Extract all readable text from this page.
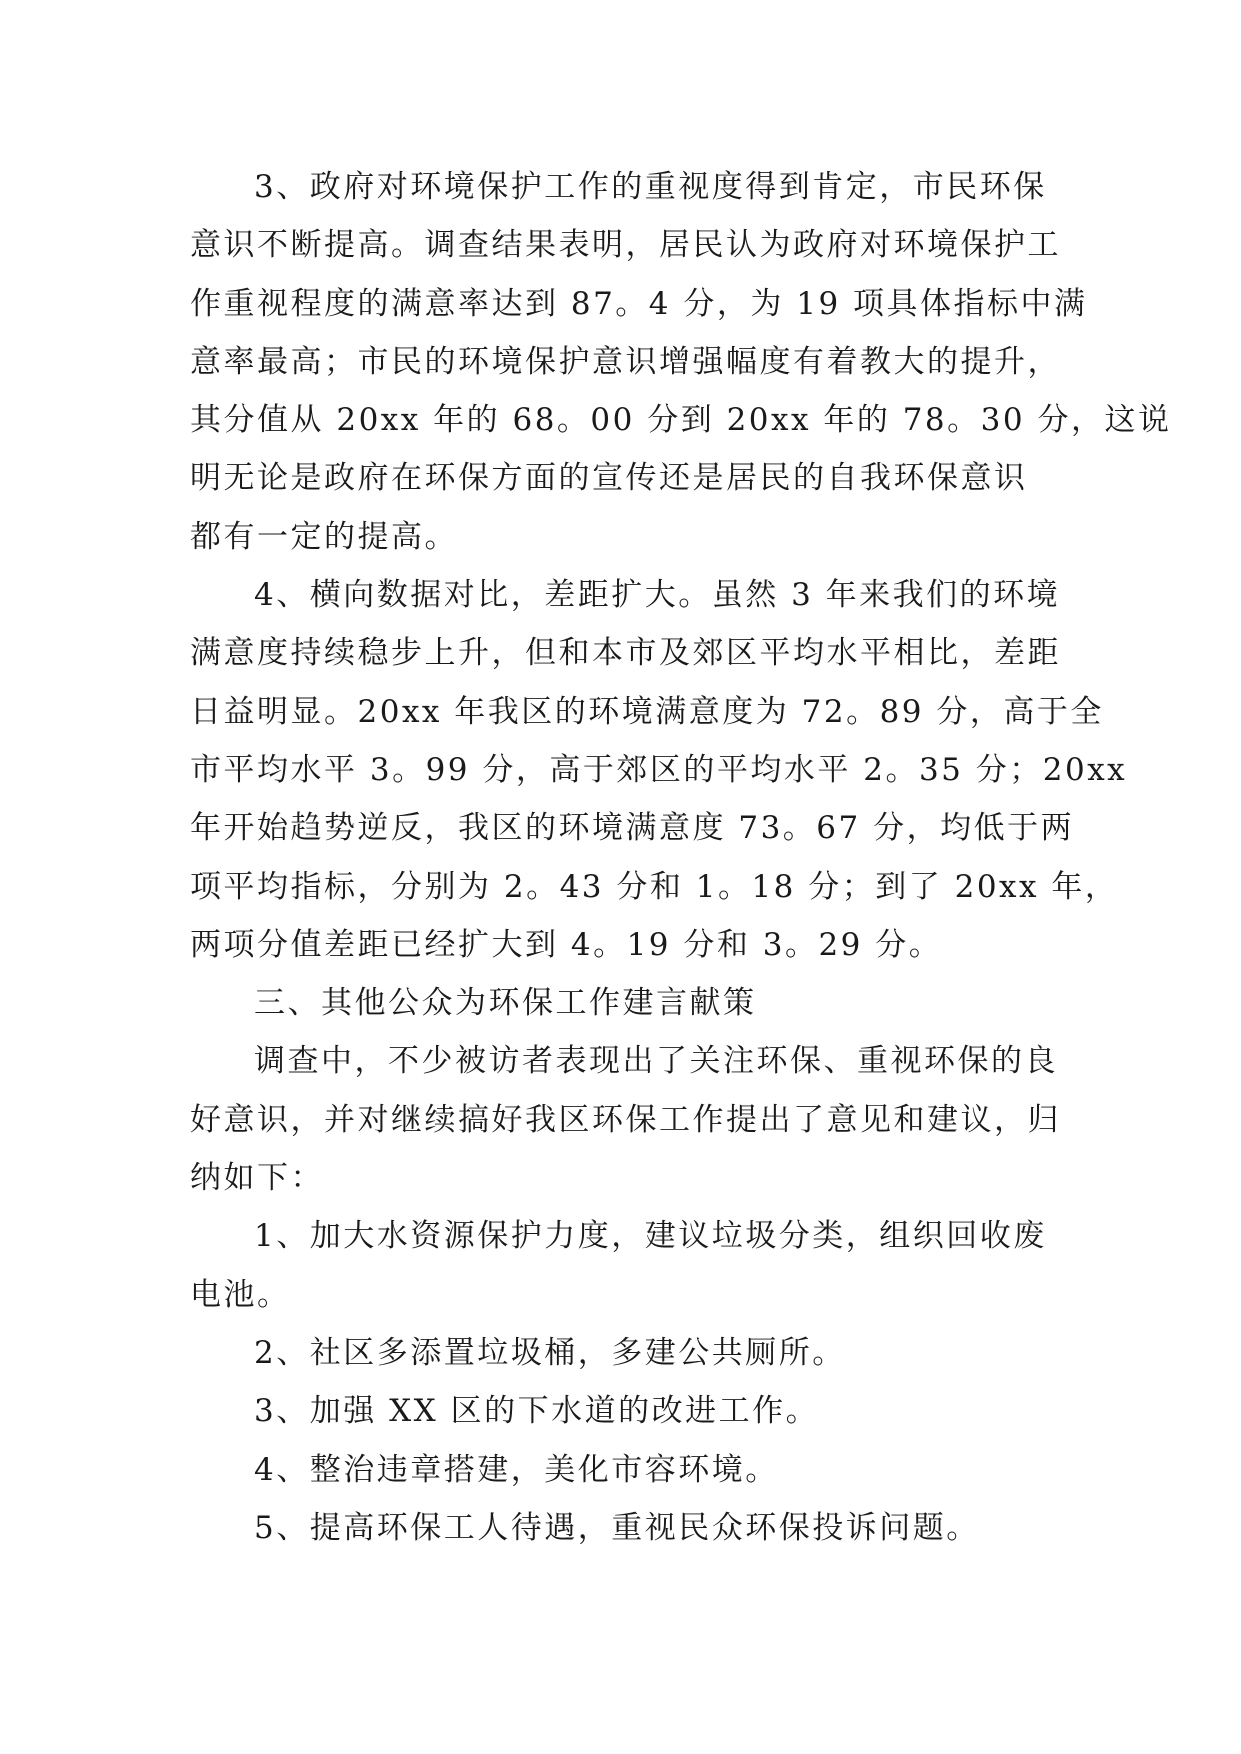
3、政府对环境保护工作的重视度得到肯定，市民环保
意识不断提高。调查结果表明，居民认为政府对环境保护工
作重视程度的满意率达到 87。4 分，为 19 项具体指标中满
意率最高；市民的环境保护意识增强幅度有着教大的提升，
其分值从 20xx 年的 68。00 分到 20xx 年的 78。30 分，这说
明无论是政府在环保方面的宣传还是居民的自我环保意识
都有一定的提高。
4、横向数据对比，差距扩大。虽然 3 年来我们的环境
满意度持续稳步上升，但和本市及郊区平均水平相比，差距
日益明显。20xx 年我区的环境满意度为 72。89 分，高于全
市平均水平 3。99 分，高于郊区的平均水平 2。35 分；20xx
年开始趋势逆反，我区的环境满意度 73。67 分，均低于两
项平均指标，分别为 2。43 分和 1。18 分；到了 20xx 年，
两项分值差距已经扩大到 4。19 分和 3。29 分。
三、其他公众为环保工作建言献策
调查中，不少被访者表现出了关注环保、重视环保的良
好意识，并对继续搞好我区环保工作提出了意见和建议，归
纳如下：
1、加大水资源保护力度，建议垃圾分类，组织回收废
电池。
2、社区多添置垃圾桶，多建公共厕所。
3、加强 XX 区的下水道的改进工作。
4、整治违章搭建，美化市容环境。
5、提高环保工人待遇，重视民众环保投诉问题。
